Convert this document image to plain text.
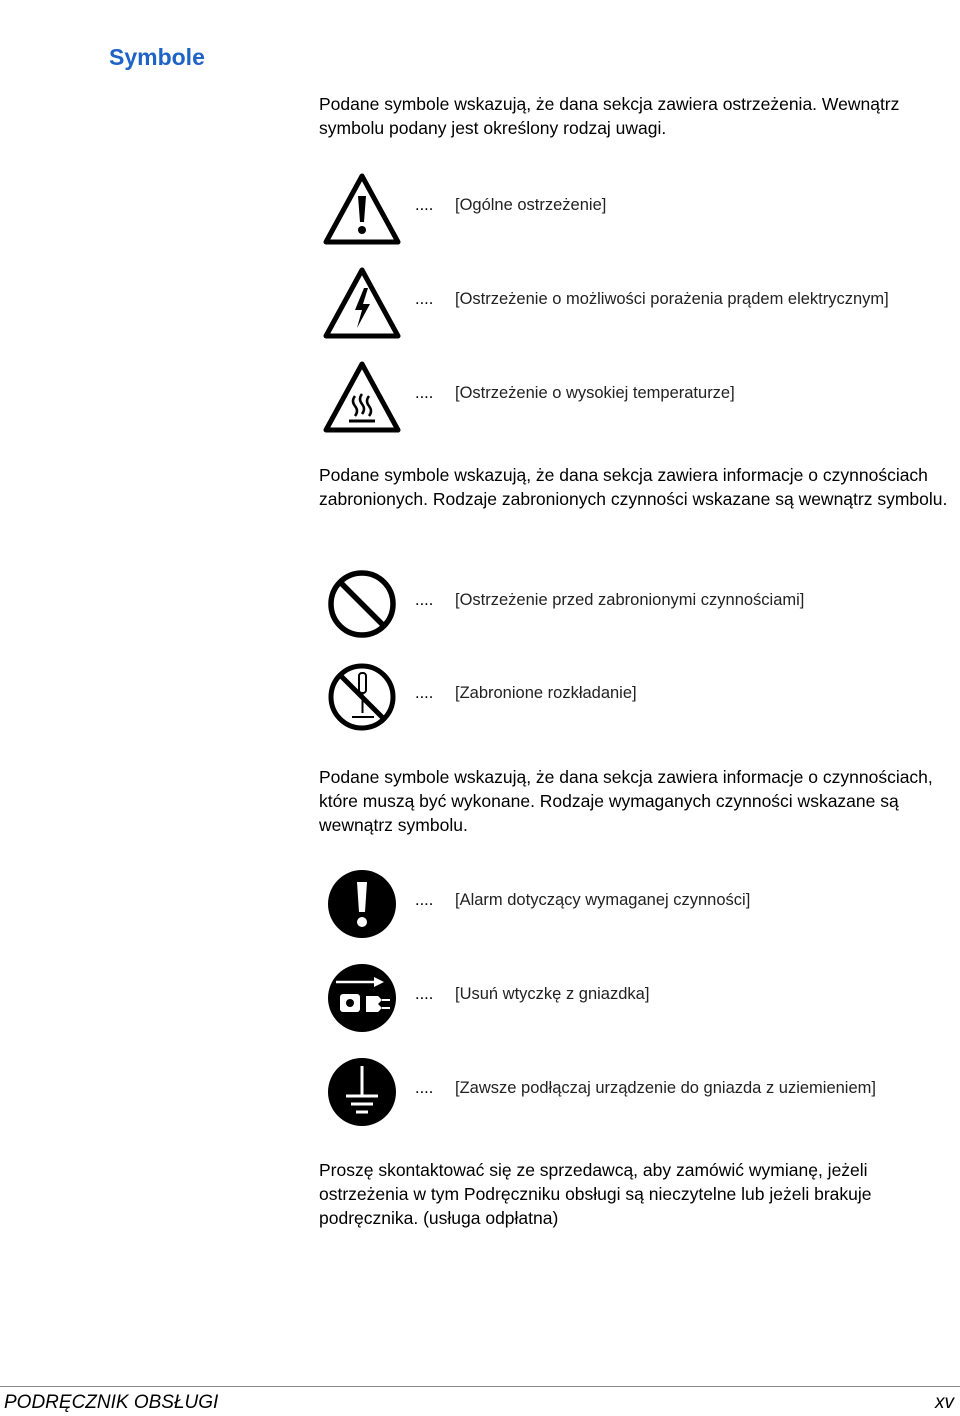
Symbole

Podane symbole wskazują, że dana sekcja zawiera ostrzeżenia. Wewnątrz symbolu podany jest określony rodzaj uwagi.

.... [Ogólne ostrzeżenie]
.... [Ostrzeżenie o możliwości porażenia prądem elektrycznym]
.... [Ostrzeżenie o wysokiej temperaturze]

Podane symbole wskazują, że dana sekcja zawiera informacje o czynnościach zabronionych. Rodzaje zabronionych czynności wskazane są wewnątrz symbolu.

.... [Ostrzeżenie przed zabronionymi czynnościami]
.... [Zabronione rozkładanie]

Podane symbole wskazują, że dana sekcja zawiera informacje o czynnościach, które muszą być wykonane. Rodzaje wymaganych czynności wskazane są wewnątrz symbolu.

.... [Alarm dotyczący wymaganej czynności]
.... [Usuń wtyczkę z gniazdka]
.... [Zawsze podłączaj urządzenie do gniazda z uziemieniem]

Proszę skontaktować się ze sprzedawcą, aby zamówić wymianę, jeżeli ostrzeżenia w tym Podręczniku obsługi są nieczytelne lub jeżeli brakuje podręcznika. (usługa odpłatna)

PODRĘCZNIK OBSŁUGI	xv
